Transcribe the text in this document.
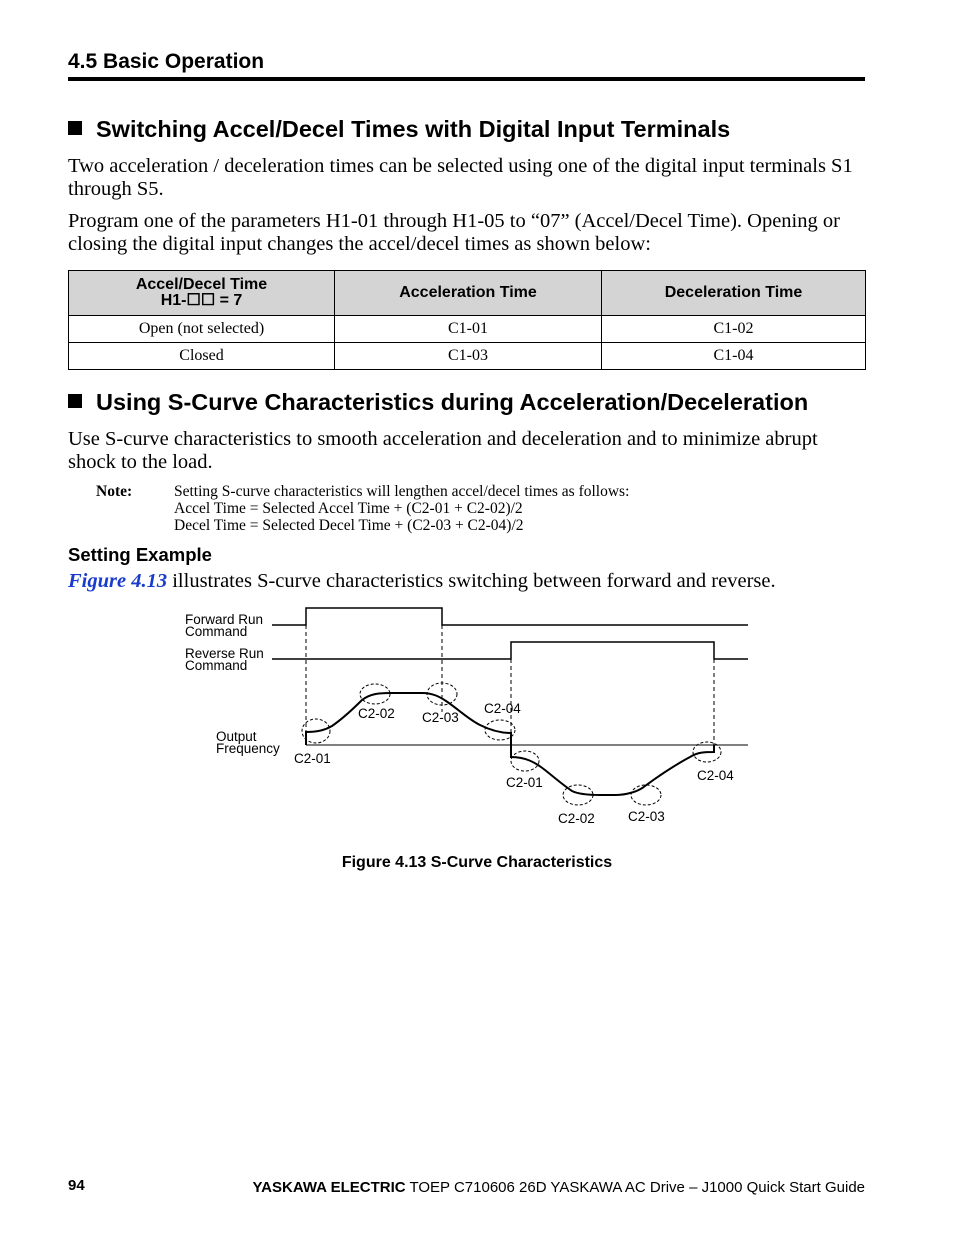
4.5 Basic Operation
Switching Accel/Decel Times with Digital Input Terminals
Two acceleration / deceleration times can be selected using one of the digital input terminals S1 through S5.
Program one of the parameters H1-01 through H1-05 to “07” (Accel/Decel Time). Opening or closing the digital input changes the accel/decel times as shown below:
Accel/Decel Time
H1-☐☐ = 7	Acceleration Time	Deceleration Time
Open (not selected)	C1-01	C1-02
Closed	C1-03	C1-04
Using S-Curve Characteristics during Acceleration/Deceleration
Use S-curve characteristics to smooth acceleration and deceleration and to minimize abrupt shock to the load.
Note:	Setting S-curve characteristics will lengthen accel/decel times as follows:
Accel Time = Selected Accel Time + (C2-01 + C2-02)/2
Decel Time = Selected Decel Time + (C2-03 + C2-04)/2
Setting Example
Figure 4.13 illustrates S-curve characteristics switching between forward and reverse.
Forward Run
Command
Reverse Run
Command
Output
Frequency
C2-01
C2-02 C2-03
C2-04
C2-01
C2-02 C2-03
C2-04
Figure 4.13 S-Curve Characteristics
94	YASKAWA ELECTRIC TOEP C710606 26D YASKAWA AC Drive – J1000 Quick Start Guide
